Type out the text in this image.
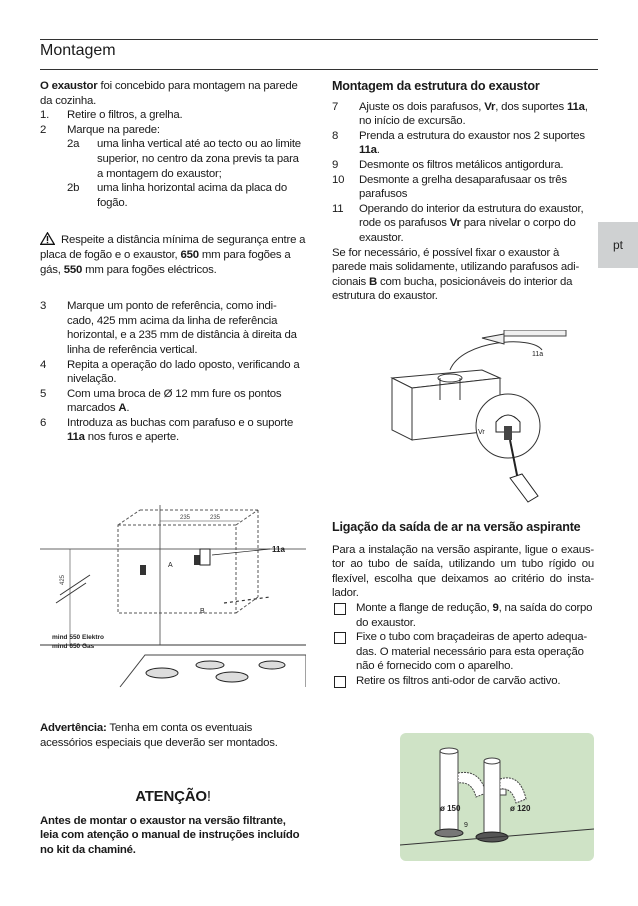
Montagem
pt

O exaustor foi concebido para montagem na parede da cozinha.

1.	Retire o filtros, a grelha.
2	Marque na parede:
2a	uma linha vertical até ao tecto ou ao limite superior, no centro da zona previs ta para a montagem do exaustor;
2b	uma linha horizontal acima da placa do fogão.

Respeite a distância mínima de segurança entre a placa de fogão e o exaustor, 650 mm para fogões a gás, 550 mm para fogões eléctricos.

3	Marque um ponto de referência, como indi- cado, 425 mm acima da linha de referência horizontal, e a 235 mm de distância à direita da linha de referência vertical.
4	Repita a operação do lado oposto, verificando a nivelação.
5	Com uma broca de Ø 12 mm fure os pontos marcados A.
6	Introduza as buchas com parafuso e o suporte 11a nos furos e aperte.
235	235
425
A
B
11a
mind 550 Elektro
mind 650 Gas

Advertência: Tenha em conta os eventuais acessórios especiais que deverão ser montados.

ATENÇÃO!

Antes de montar o exaustor na versão filtrante, leia com atenção o manual de instruções incluído no kit da chaminé.

Montagem da estrutura do exaustor
7	Ajuste os dois parafusos, Vr, dos suportes 11a, no início de excursão.
8	Prenda a estrutura do exaustor nos 2 suportes 11a.
9	Desmonte os filtros metálicos antigordura.
10	Desmonte a grelha desaparafusaar os três parafusos
11	Operando do interior da estrutura do exaustor, rode os parafusos Vr para nivelar o corpo do exaustor.

Se for necessário, é possível fixar o exaustor à parede mais solidamente, utilizando parafusos adi- cionais B com bucha, posicionáveis do interior da estrutura do exaustor.

11a
Vr
Ligação da saída de ar na versão aspirante

Para a instalação na versão aspirante, ligue o exaus- tor ao tubo de saída, utilizando um tubo rígido ou flexível, escolha que deixamos ao critério do insta- lador.

Monte a flange de redução, 9, na saída do corpo do exaustor.
Fixe o tubo com braçadeiras de aperto adequa- das. O material necessário para esta operação não é fornecido com o aparelho.
Retire os filtros anti-odor de carvão activo.
ø 150	ø 120
9
